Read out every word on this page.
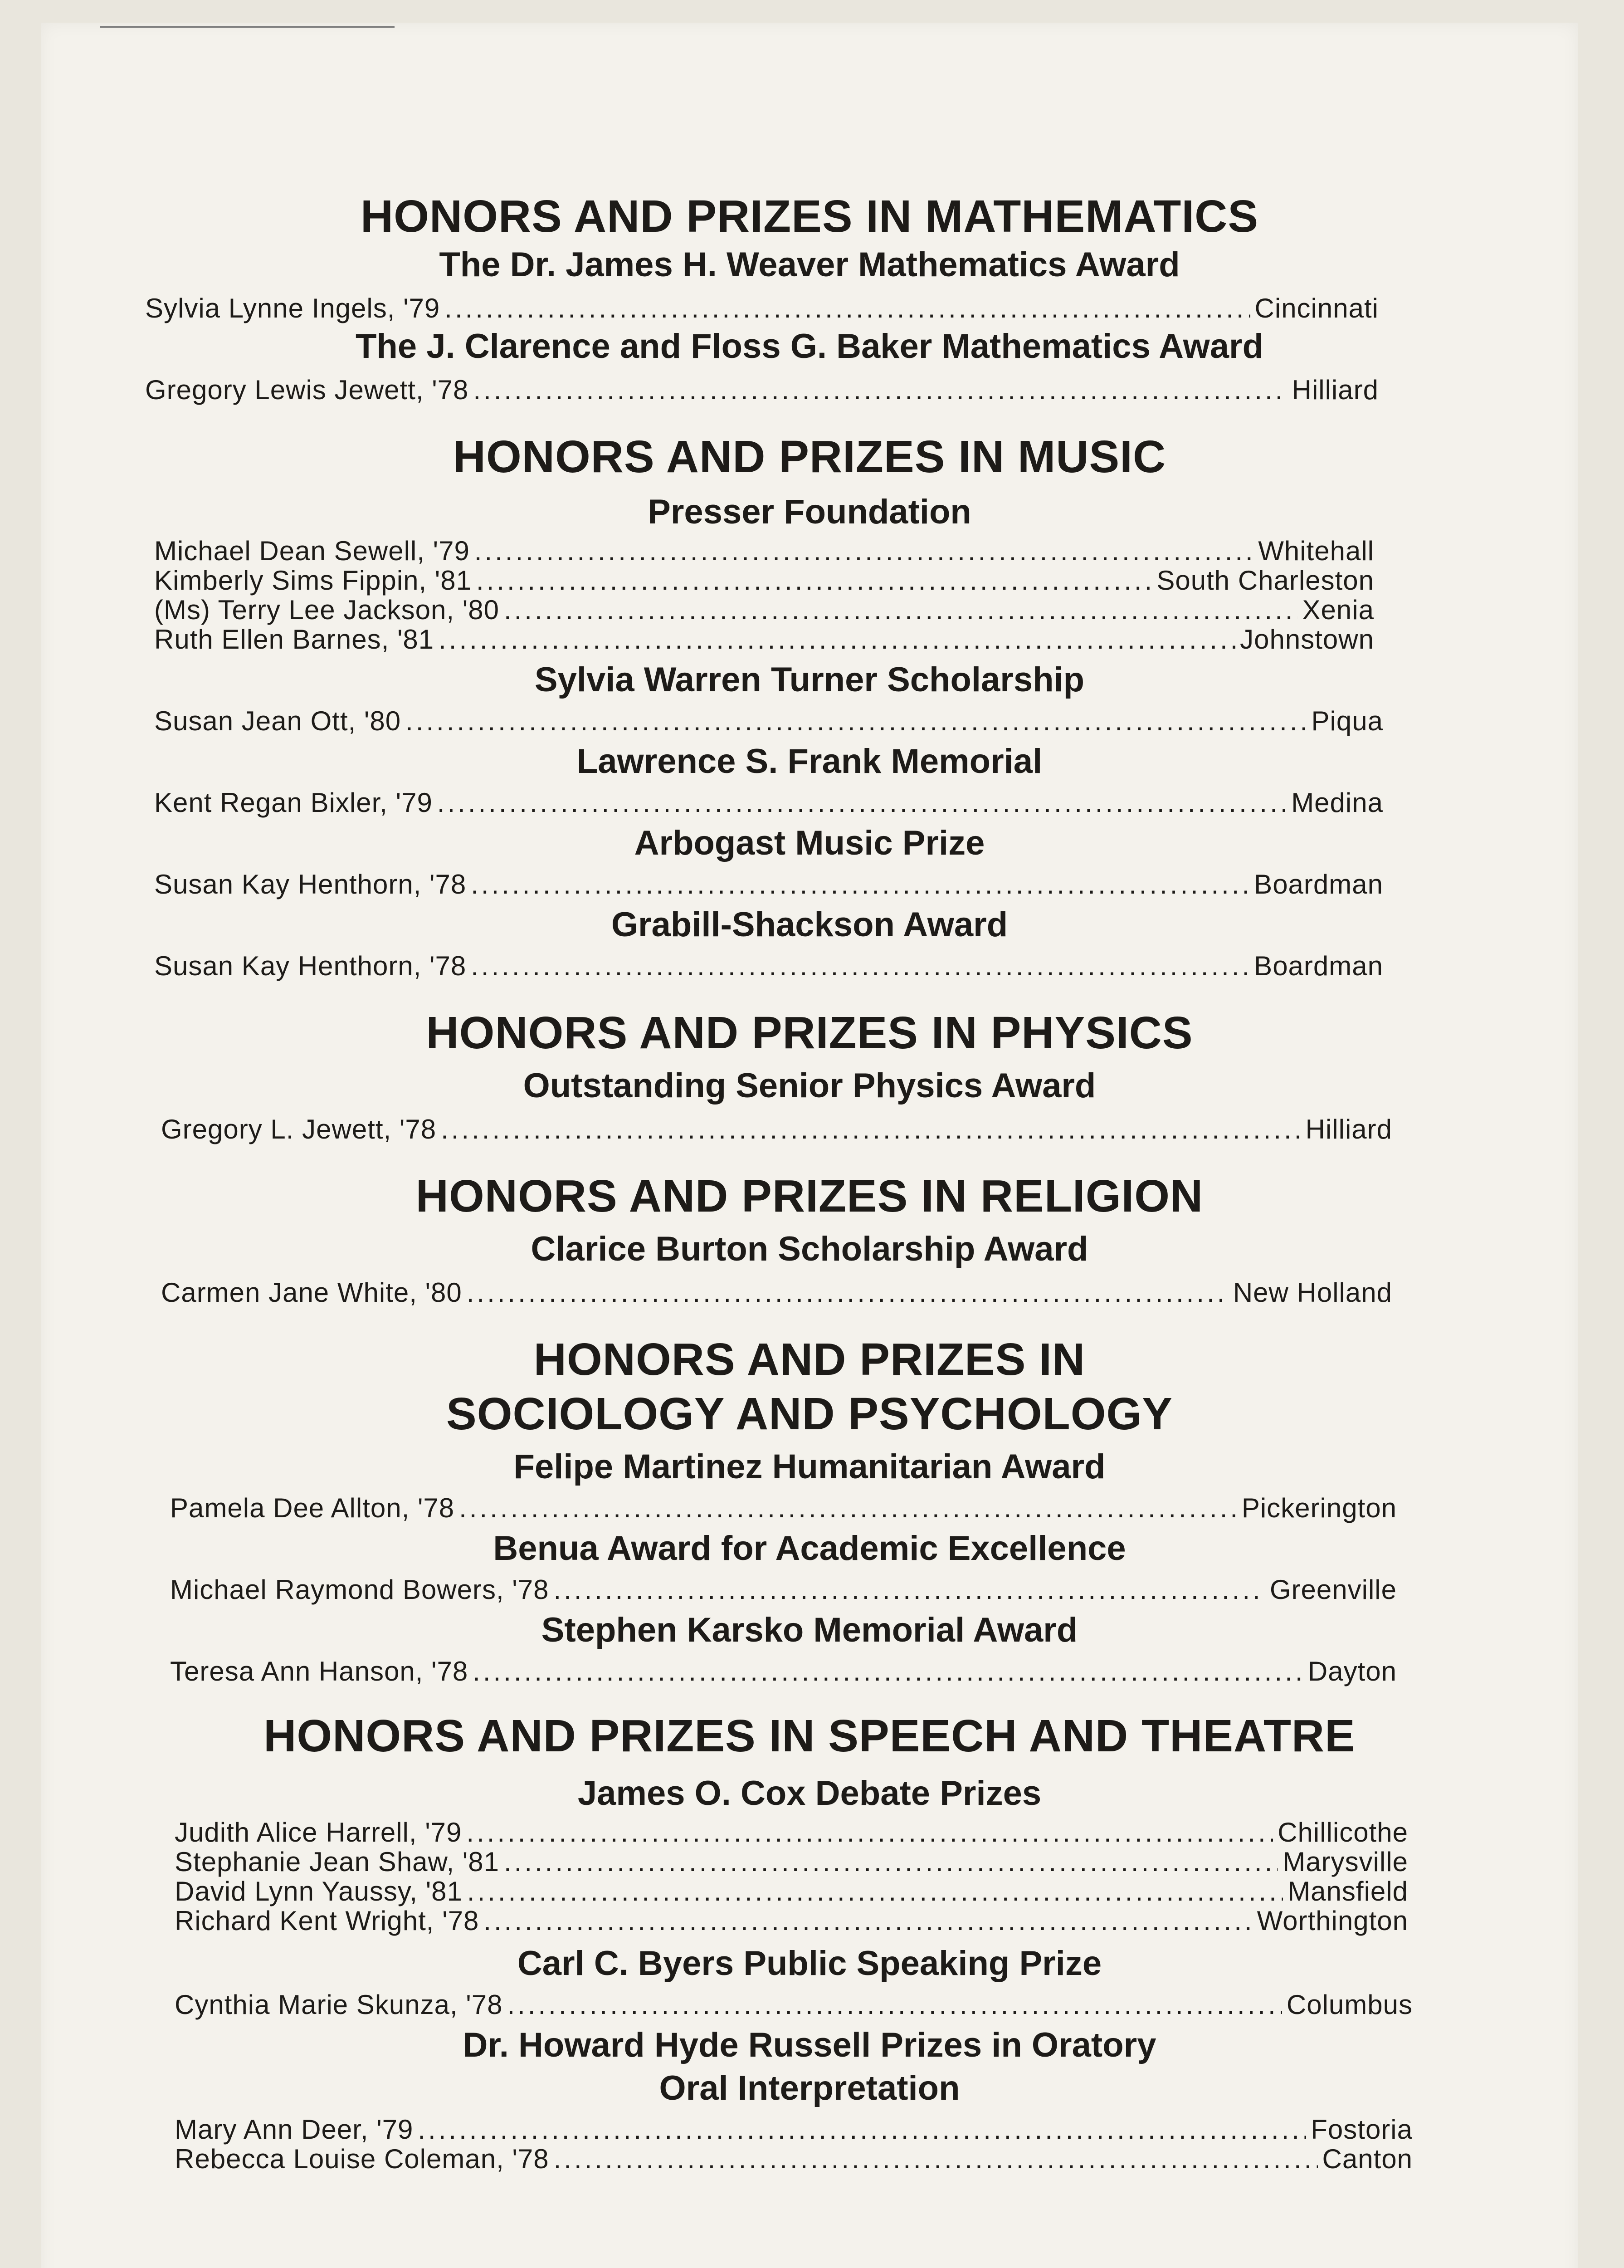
HONORS AND PRIZES IN MATHEMATICS
The Dr. James H. Weaver Mathematics Award
Sylvia Lynne Ingels, '79 .....	Cincinnati
The J. Clarence and Floss G. Baker Mathematics Award
Gregory Lewis Jewett, '78 .....	Hilliard
HONORS AND PRIZES IN MUSIC
Presser Foundation
Michael Dean Sewell, '79 .....	Whitehall
Kimberly Sims Fippin, '81 .....	South Charleston
(Ms) Terry Lee Jackson, '80 .....	Xenia
Ruth Ellen Barnes, '81 .....	Johnstown
Sylvia Warren Turner Scholarship
Susan Jean Ott, '80 .....	Piqua
Lawrence S. Frank Memorial
Kent Regan Bixler, '79 .....	Medina
Arbogast Music Prize
Susan Kay Henthorn, '78 .....	Boardman
Grabill-Shackson Award
Susan Kay Henthorn, '78 .....	Boardman
HONORS AND PRIZES IN PHYSICS
Outstanding Senior Physics Award
Gregory L. Jewett, '78 .....	Hilliard
HONORS AND PRIZES IN RELIGION
Clarice Burton Scholarship Award
Carmen Jane White, '80 .....	New Holland
HONORS AND PRIZES IN
SOCIOLOGY AND PSYCHOLOGY
Felipe Martinez Humanitarian Award
Pamela Dee Allton, '78 .....	Pickerington
Benua Award for Academic Excellence
Michael Raymond Bowers, '78 .....	Greenville
Stephen Karsko Memorial Award
Teresa Ann Hanson, '78 .....	Dayton
HONORS AND PRIZES IN SPEECH AND THEATRE
James O. Cox Debate Prizes
Judith Alice Harrell, '79 .....	Chillicothe
Stephanie Jean Shaw, '81 .....	Marysville
David Lynn Yaussy, '81 .....	Mansfield
Richard Kent Wright, '78 .....	Worthington
Carl C. Byers Public Speaking Prize
Cynthia Marie Skunza, '78 .....	Columbus
Dr. Howard Hyde Russell Prizes in Oratory
Oral Interpretation
Mary Ann Deer, '79 .....	Fostoria
Rebecca Louise Coleman, '78 .....	Canton
